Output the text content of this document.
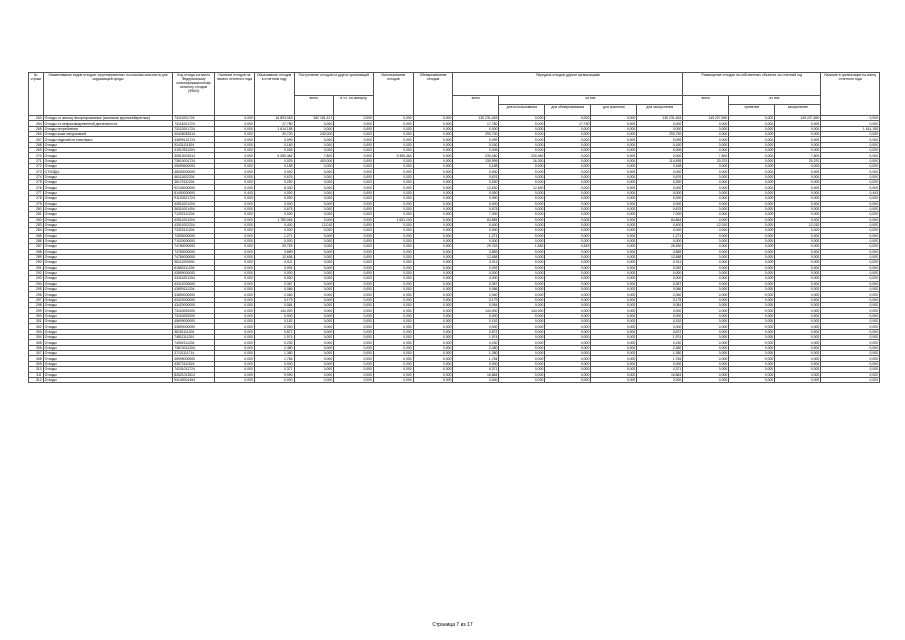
№ строки	Наименование видов отходов, сгруппированных по классам опасности для окружающей среды	Код отхода согласно Федеральному классификационному каталогу отходов (ФККО)	Наличие отходов на начало отчетного года	Образование отходов в отчетном году	Поступление отходов из других организаций		Использование отходов	Обезвреживание отходов	Передача отходов другим организациям					Размещение отходов на собственных объектах за отчетный год			Наличие в организации на конец отчетного года
					всего	в т.ч. по импорту			всего	из них:				всего	из них:		
										для использования	для обезвреживания	для хранения	для захоронения		хранение	захоронение	
263	Отходы от жилищ несортированные (исключая крупногабаритные)	73111001724	0,000	16 893,063	262 151,317	0,000	0,000	0,000	130 231,453	0,000	0,000	0,000	130 231,453	149 227,690	0,000	149 227,690	0,000
264	Отходы от непроизводственной деятельности	73114001724	0,000	17,780	0,000	0,000	0,000	0,000	17,780	0,000	17,780	0,000	0,000	0,000	0,000	0,000	0,000
265	Отходы потребления	73112001724	0,000	1 614,155	0,000	0,000	0,000	0,000	0,000	0,000	0,000	0,000	0,000	0,000	0,000	0,000	1 614,155
266	Отходы кожи натуральной	40426081514	0,000	30,730	240,000	0,000	0,000	0,000	290,730	0,000	0,000	0,000	290,730	0,000	0,000	0,000	0,000
267	Отходы изделий из пластмасс	43899131724	0,000	0,099	0,000	0,000	0,000	0,000	0,099	0,000	0,000	0,000	0,099	0,000	0,000	0,000	0,000
268	Отходы	92431111524	0,000	0,160	0,000	0,000	0,000	0,000	0,160	0,000	0,000	0,000	0,160	0,000	0,000	0,000	0,000
269	Отходы	41912511204	0,000	0,006	0,000	0,000	0,000	0,000	0,006	0,000	0,000	0,000	0,006	0,000	0,000	0,000	0,000
270	Отходы	30510001514	0,000	5 350,464	7,800	0,000	5 350,464	0,000	230,460	230,460	0,000	0,000	0,000	7,800	0,000	7,800	0,000
271	Отходы	73610001724	0,000	0,025	400,000	0,000	0,000	0,000	130,995	16,300	0,000	0,000	114,695	20,370	0,000	20,370	0,000
272	Отходы	45699600000	0,000	0,188	0,000	0,000	0,000	0,000	0,188	0,000	0,000	0,000	0,188	0,000	0,000	0,000	0,000
273	ОТХОДЫ	48000000000	0,000	0,000	0,000	0,000	0,000	0,000	0,000	0,000	0,000	0,000	0,000	0,000	0,000	0,000	0,000
274	Отходы	46111002204	0,000	0,676	0,000	0,000	0,000	0,000	0,676	0,000	0,000	0,000	0,676	0,000	0,000	0,000	0,000
275	Отходы	36170111204	0,000	0,250	0,000	0,000	0,000	0,000	0,250	0,000	0,000	0,000	0,250	0,000	0,000	0,000	0,000
276	Отходы	92140000000	0,000	8,330	0,000	0,000	0,000	0,000	12,630	12,630	0,000	0,000	0,000	0,000	0,000	0,000	0,000
277	Отходы	81400000000	0,443	0,000	0,000	0,000	0,000	0,000	0,000	0,000	0,000	0,000	0,000	0,000	0,000	0,000	0,443
278	Отходы	91120001724	0,000	0,090	0,000	0,000	0,000	0,000	0,090	0,000	0,000	0,000	0,090	0,000	0,000	0,000	0,000
279	Отходы	43511001204	0,000	0,000	0,000	0,000	0,000	0,000	0,000	0,000	0,000	0,000	0,000	0,000	0,000	0,000	0,000
280	Отходы	36311001494	0,000	0,675	0,000	0,000	0,000	0,000	0,675	0,000	0,000	0,000	0,675	0,000	0,000	0,000	0,000
281	Отходы	71292111204	0,000	0,000	0,000	0,000	0,000	0,000	7,000	0,000	0,000	0,000	7,000	0,000	0,000	0,000	0,000
282	Отходы	43511001204	0,000	1 780,064	0,000	0,000	1 631,103	0,000	84,865	0,000	0,005	0,000	84,864	0,000	0,000	0,000	0,000
283	Отходы	43511002204	0,000	0,400	12,010	0,000	0,000	0,000	0,400	0,000	0,000	0,000	0,400	12,010	0,000	12,010	0,000
284	Отходы	73320111204	0,000	0,000	0,000	0,000	0,000	0,000	0,000	0,000	0,000	0,000	0,000	0,000	0,000	0,000	0,000
285	Отходы	72830000000	0,000	1,271	0,000	0,000	0,000	0,000	1,271	0,000	0,000	0,000	1,271	0,000	0,000	0,000	0,000
286	Отходы	71020000000	0,000	0,000	0,000	0,000	0,000	0,000	0,000	0,000	0,000	0,000	0,000	0,000	0,000	0,000	0,000
287	Отходы	74780000000	0,000	29,763	0,000	0,000	0,000	0,000	29,762	1,582	0,549	0,000	26,530	0,000	0,000	0,000	0,000
288	Отходы	74780000000	0,000	3,889	0,000	0,000	0,000	0,000	3,889	0,000	0,000	0,000	3,889	0,000	0,000	0,000	0,000
289	Отходы	74784000000	0,000	12,658	0,000	0,000	0,000	0,000	12,658	0,000	0,000	0,000	12,658	0,000	0,000	0,000	0,000
290	Отходы	36111000000	0,000	0,011	0,000	0,000	0,000	0,000	0,011	0,000	0,000	0,000	0,011	0,000	0,000	0,000	0,000
291	Отходы	61890111204	0,000	0,092	0,000	0,000	0,000	0,000	0,092	0,000	0,000	0,000	0,092	0,000	0,000	0,000	0,000
292	Отходы	43899000000	0,000	0,000	0,000	0,000	0,000	0,000	0,000	0,000	0,000	0,000	0,000	0,000	0,000	0,000	0,000
293	Отходы	43411001204	0,000	0,000	0,000	0,000	0,000	0,000	0,000	0,000	0,000	0,000	0,000	0,000	0,000	0,000	0,000
294	Отходы	43412000000	0,000	0,367	0,000	0,000	0,000	0,000	0,367	0,000	0,000	0,000	0,367	0,000	0,000	0,000	0,000
295	Отходы	43899111204	0,000	0,086	0,000	0,000	0,000	0,000	0,086	0,000	0,000	0,000	0,086	0,000	0,000	0,000	0,000
296	Отходы	43890000000	0,000	2,060	0,000	0,000	0,000	0,000	2,060	0,000	0,000	0,000	2,060	0,000	0,000	0,000	0,000
297	Отходы	43420000000	0,000	0,179	0,000	0,000	0,000	0,000	0,179	0,000	0,000	0,000	0,179	0,000	0,000	0,000	0,000
298	Отходы	43420000000	0,000	0,084	0,000	0,000	0,000	0,000	0,084	0,000	0,000	0,000	0,084	0,000	0,000	0,000	0,000
299	Отходы	73110000000	0,000	144,000	0,000	0,000	0,000	0,000	144,000	144,000	0,000	0,000	0,000	0,000	0,000	0,000	0,000
300	Отходы	73110000000	0,000	0,000	0,000	0,000	0,000	0,000	0,000	0,000	0,000	0,000	0,000	0,000	0,000	0,000	0,000
301	Отходы	45699000000	0,000	0,152	0,000	0,000	0,000	0,000	0,152	0,000	0,000	0,000	0,152	0,000	0,000	0,000	0,000
302	Отходы	43890000000	0,000	0,000	0,000	0,000	0,000	0,000	0,000	0,000	0,000	0,000	0,000	0,000	0,000	0,000	0,000
303	Отходы	36151111204	0,000	0,872	0,000	0,000	0,000	0,000	0,872	0,000	0,000	0,000	0,872	0,000	0,000	0,000	0,000
304	Отходы	74811111204	0,000	1,974	0,000	0,000	0,000	0,000	1,974	0,000	0,000	0,000	1,974	0,000	0,000	0,000	0,000
305	Отходы	74592111204	0,000	0,230	0,000	0,000	0,000	0,000	0,230	0,000	0,000	0,000	0,230	0,000	0,000	0,000	0,000
306	Отходы	73874011204	0,000	2,480	0,000	0,000	0,000	0,000	2,480	0,000	0,000	0,000	2,480	0,000	0,000	0,000	0,000
307	Отходы	37121111714	0,000	1,380	0,000	0,000	0,000	0,000	1,380	0,000	0,000	0,000	1,380	0,000	0,000	0,000	0,000
308	Отходы	45999000000	0,000	1,784	0,000	0,000	0,000	0,000	1,784	0,000	0,000	0,000	1,784	0,000	0,000	0,000	0,000
309	Отходы	43572111524	0,000	0,000	0,000	0,000	0,000	0,000	0,000	0,000	0,000	0,000	0,000	0,000	0,000	0,000	0,000
310	Отходы	74101011724	0,000	0,371	0,000	0,000	0,000	0,000	0,371	0,000	0,000	0,000	0,371	0,000	0,000	0,000	0,000
311	Отходы	82621011514	0,000	9,990	0,000	0,000	0,000	0,000	16,864	0,000	0,000	0,000	16,864	0,000	0,000	0,000	0,000
312	Отходы	94140001494	0,000	0,000	0,000	0,000	0,000	0,000	0,000	0,000	0,000	0,000	0,000	0,000	0,000	0,000	0,000
Страница 7 из 17
